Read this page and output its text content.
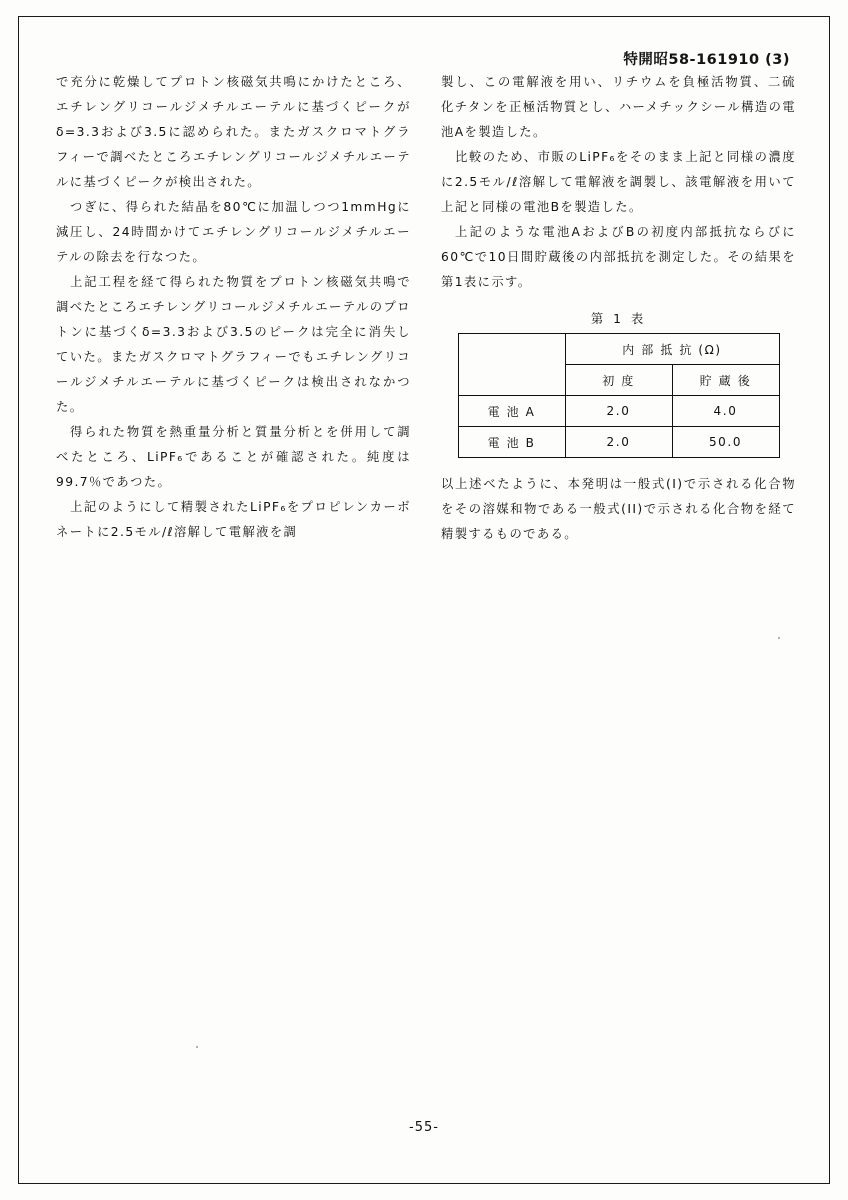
特開昭58-161910 (3)

で充分に乾燥してプロトン核磁気共鳴にかけたところ、エチレングリコールジメチルエーテルに基づくピークがδ=3.3および3.5に認められた。またガスクロマトグラフィーで調べたところエチレングリコールジメチルエーテルに基づくピークが検出された。

つぎに、得られた結晶を80℃に加温しつつ1mmHgに減圧し、24時間かけてエチレングリコールジメチルエーテルの除去を行なつた。

上記工程を経て得られた物質をプロトン核磁気共鳴で調べたところエチレングリコールジメチルエーテルのプロトンに基づくδ=3.3および3.5のピークは完全に消失していた。またガスクロマトグラフィーでもエチレングリコールジメチルエーテルに基づくピークは検出されなかつた。

得られた物質を熱重量分析と質量分析とを併用して調べたところ、LiPF₆であることが確認された。純度は99.7％であつた。

上記のようにして精製されたLiPF₆をプロピレンカーボネートに2.5モル/ℓ溶解して電解液を調

製し、この電解液を用い、リチウムを負極活物質、二硫化チタンを正極活物質とし、ハーメチックシール構造の電池Aを製造した。

比較のため、市販のLiPF₆をそのまま上記と同様の濃度に2.5モル/ℓ溶解して電解液を調製し、該電解液を用いて上記と同様の電池Bを製造した。

上記のような電池AおよびBの初度内部抵抗ならびに60℃で10日間貯蔵後の内部抵抗を測定した。その結果を第1表に示す。

第 1 表
	内 部 抵 抗 (Ω)	
	初 度	貯 蔵 後
電 池 A	2.0	4.0
電 池 B	2.0	50.0

以上述べたように、本発明は一般式(I)で示される化合物をその溶媒和物である一般式(II)で示される化合物を経て精製するものである。

-55-
